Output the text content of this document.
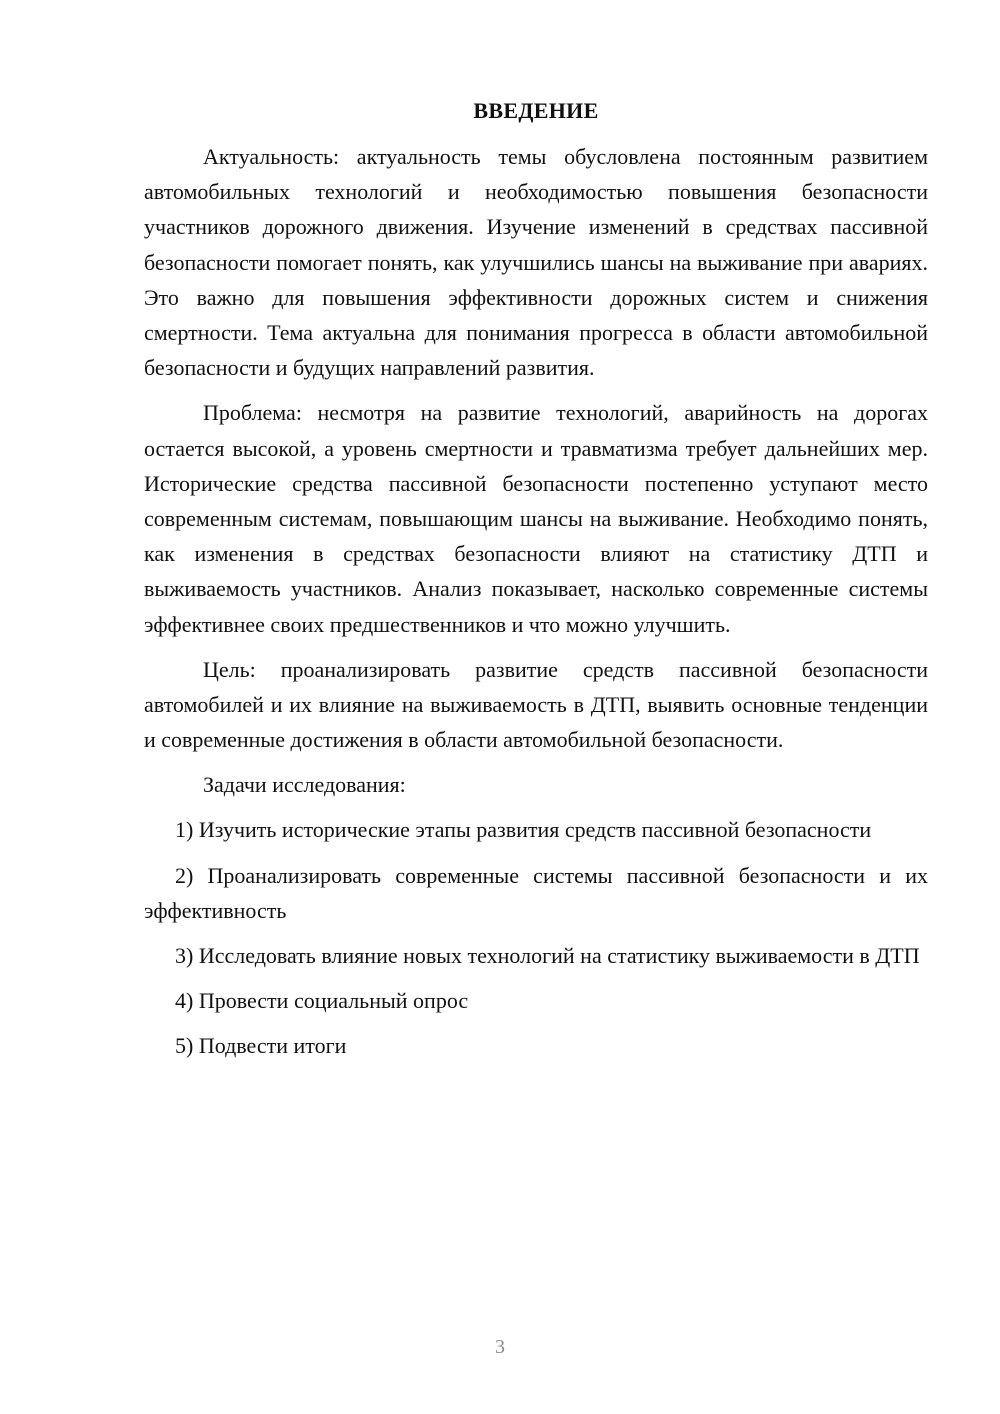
ВВЕДЕНИЕ

Актуальность: актуальность темы обусловлена постоянным развитием автомобильных технологий и необходимостью повышения безопасности участников дорожного движения. Изучение изменений в средствах пассивной безопасности помогает понять, как улучшились шансы на выживание при авариях. Это важно для повышения эффективности дорожных систем и снижения смертности. Тема актуальна для понимания прогресса в области автомобильной безопасности и будущих направлений развития.

Проблема: несмотря на развитие технологий, аварийность на дорогах остается высокой, а уровень смертности и травматизма требует дальнейших мер. Исторические средства пассивной безопасности постепенно уступают место современным системам, повышающим шансы на выживание. Необходимо понять, как изменения в средствах безопасности влияют на статистику ДТП и выживаемость участников. Анализ показывает, насколько современные системы эффективнее своих предшественников и что можно улучшить.

Цель: проанализировать развитие средств пассивной безопасности автомобилей и их влияние на выживаемость в ДТП, выявить основные тенденции и современные достижения в области автомобильной безопасности.

Задачи исследования:

1) Изучить исторические этапы развития средств пассивной безопасности

2) Проанализировать современные системы пассивной безопасности и их эффективность

3) Исследовать влияние новых технологий на статистику выживаемости в ДТП

4) Провести социальный опрос

5) Подвести итоги

3
